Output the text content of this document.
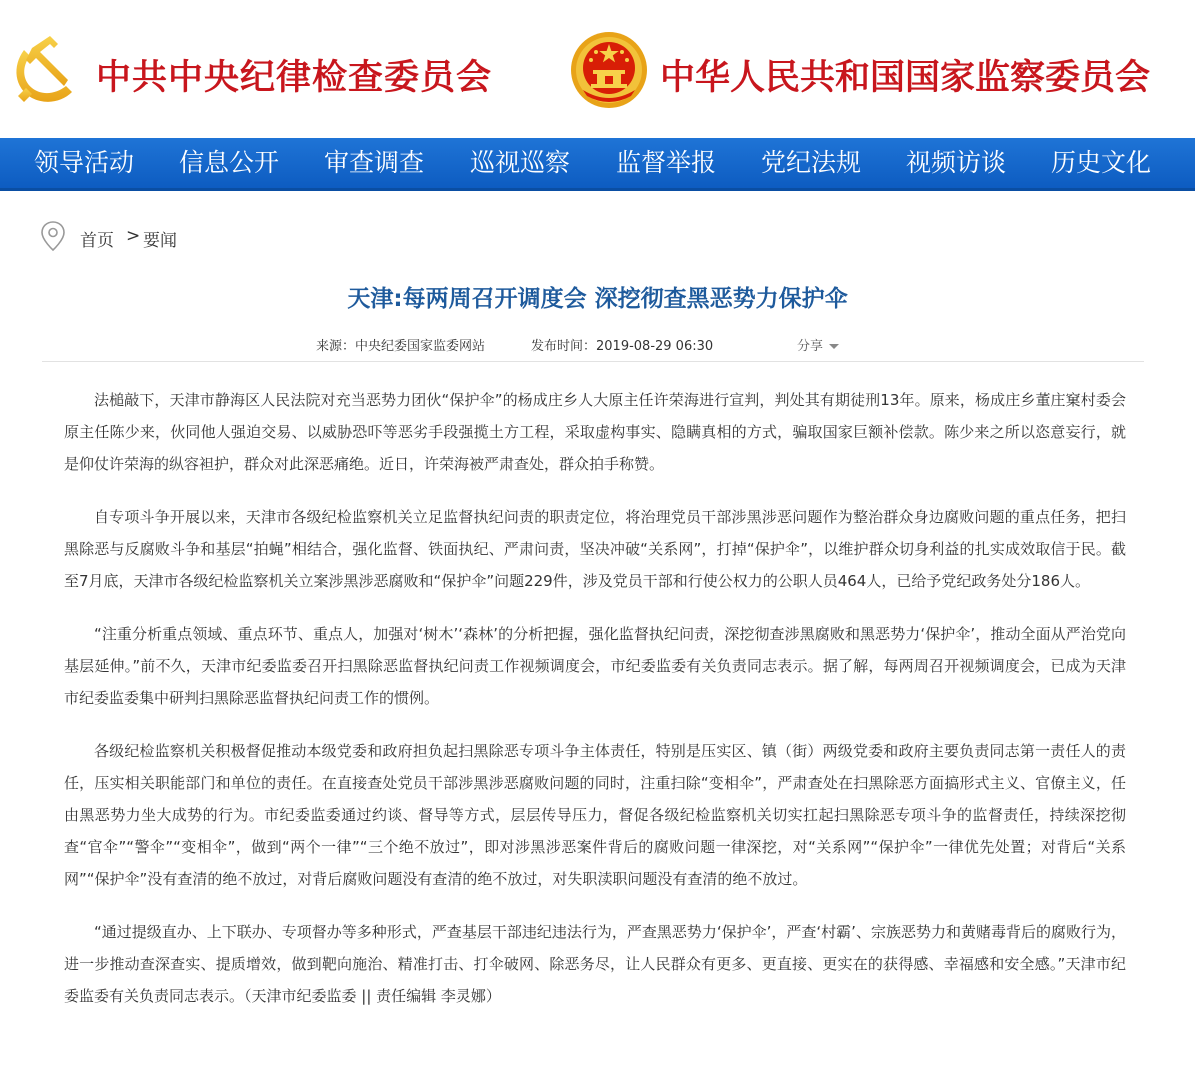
中共中央纪律检查委员会	中华人民共和国国家监察委员会
领导活动 信息公开 审查调查 巡视巡察 监督举报 党纪法规 视频访谈 历史文化
首页 > 要闻
天津:每两周召开调度会 深挖彻查黑恶势力保护伞
来源：中央纪委国家监委网站	发布时间：2019-08-29 06:30	分享

法槌敲下，天津市静海区人民法院对充当恶势力团伙“保护伞”的杨成庄乡人大原主任许荣海进行宣判，判处其有期徒刑13年。原来，杨成庄乡董庄窠村委会原主任陈少来，伙同他人强迫交易、以威胁恐吓等恶劣手段强揽土方工程，采取虚构事实、隐瞒真相的方式，骗取国家巨额补偿款。陈少来之所以恣意妄行，就是仰仗许荣海的纵容袒护，群众对此深恶痛绝。近日，许荣海被严肃查处，群众拍手称赞。

自专项斗争开展以来，天津市各级纪检监察机关立足监督执纪问责的职责定位，将治理党员干部涉黑涉恶问题作为整治群众身边腐败问题的重点任务，把扫黑除恶与反腐败斗争和基层“拍蝇”相结合，强化监督、铁面执纪、严肃问责，坚决冲破“关系网”，打掉“保护伞”，以维护群众切身利益的扎实成效取信于民。截至7月底，天津市各级纪检监察机关立案涉黑涉恶腐败和“保护伞”问题229件，涉及党员干部和行使公权力的公职人员464人，已给予党纪政务处分186人。

“注重分析重点领域、重点环节、重点人，加强对‘树木’‘森林’的分析把握，强化监督执纪问责，深挖彻查涉黑腐败和黑恶势力‘保护伞’，推动全面从严治党向基层延伸。”前不久，天津市纪委监委召开扫黑除恶监督执纪问责工作视频调度会，市纪委监委有关负责同志表示。据了解，每两周召开视频调度会，已成为天津市纪委监委集中研判扫黑除恶监督执纪问责工作的惯例。

各级纪检监察机关积极督促推动本级党委和政府担负起扫黑除恶专项斗争主体责任，特别是压实区、镇（街）两级党委和政府主要负责同志第一责任人的责任，压实相关职能部门和单位的责任。在直接查处党员干部涉黑涉恶腐败问题的同时，注重扫除“变相伞”，严肃查处在扫黑除恶方面搞形式主义、官僚主义，任由黑恶势力坐大成势的行为。市纪委监委通过约谈、督导等方式，层层传导压力，督促各级纪检监察机关切实扛起扫黑除恶专项斗争的监督责任，持续深挖彻查“官伞”“警伞”“变相伞”，做到“两个一律”“三个绝不放过”，即对涉黑涉恶案件背后的腐败问题一律深挖，对“关系网”“保护伞”一律优先处置；对背后“关系网”“保护伞”没有查清的绝不放过，对背后腐败问题没有查清的绝不放过，对失职渎职问题没有查清的绝不放过。

“通过提级直办、上下联办、专项督办等多种形式，严查基层干部违纪违法行为，严查黑恶势力‘保护伞’，严查‘村霸’、宗族恶势力和黄赌毒背后的腐败行为，进一步推动查深查实、提质增效，做到靶向施治、精准打击、打伞破网、除恶务尽，让人民群众有更多、更直接、更实在的获得感、幸福感和安全感。”天津市纪委监委有关负责同志表示。（天津市纪委监委 || 责任编辑 李灵娜）
